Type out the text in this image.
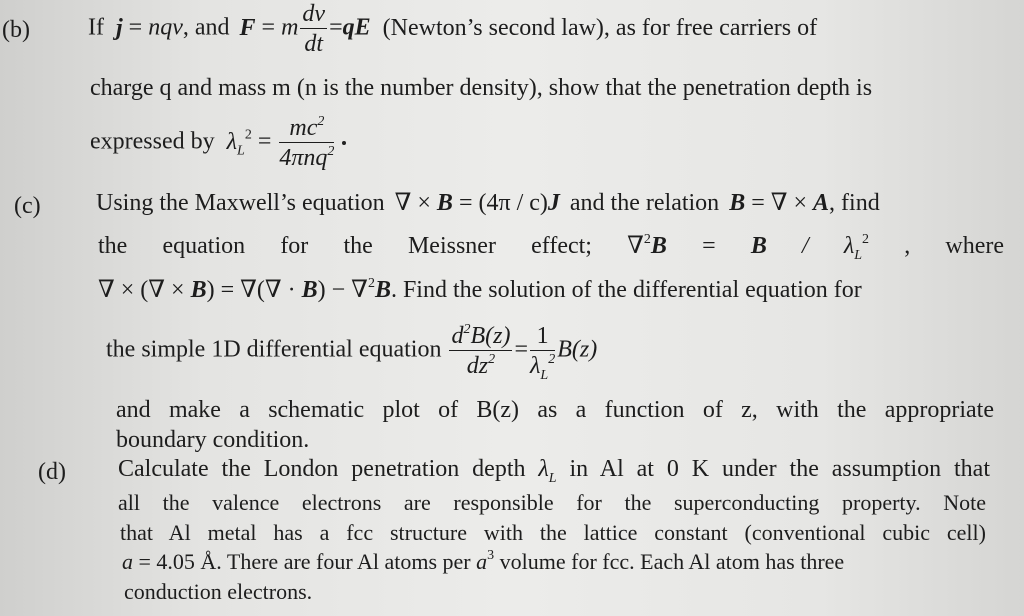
(b) If j = nqv, and F = m $\frac{dv}{dt} =qE$ (Newton’s second law), as for free carriers of
charge q and mass m (n is the number density), show that the penetration depth is
expressed by $\lambda_L^2 = \frac{mc^2}{4\pi nq^2}$
(c) Using the Maxwell’s equation ∇ × B = (4π / c)J and the relation B = ∇ × A, find
the equation for the Meissner effect; $\nabla^2B = B / \lambda_L^2$ , where
∇ × (∇ × B) = ∇(∇ · B) − ∇$^2$B. Find the solution of the differential equation for
the simple 1D differential equation $\frac{d^2B(z)}{dz^2} = \frac{1}{\lambda_L^2} B(z)$
and make a schematic plot of B(z) as a function of z, with the appropriate
boundary condition.
(d) Calculate the London penetration depth $\lambda_L$ in Al at 0 K under the assumption that
all the valence electrons are responsible for the superconducting property. Note
that Al metal has a fcc structure with the lattice constant (conventional cubic cell)
a = 4.05 Å. There are four Al atoms per $a^3$ volume for fcc. Each Al atom has three
conduction electrons.
